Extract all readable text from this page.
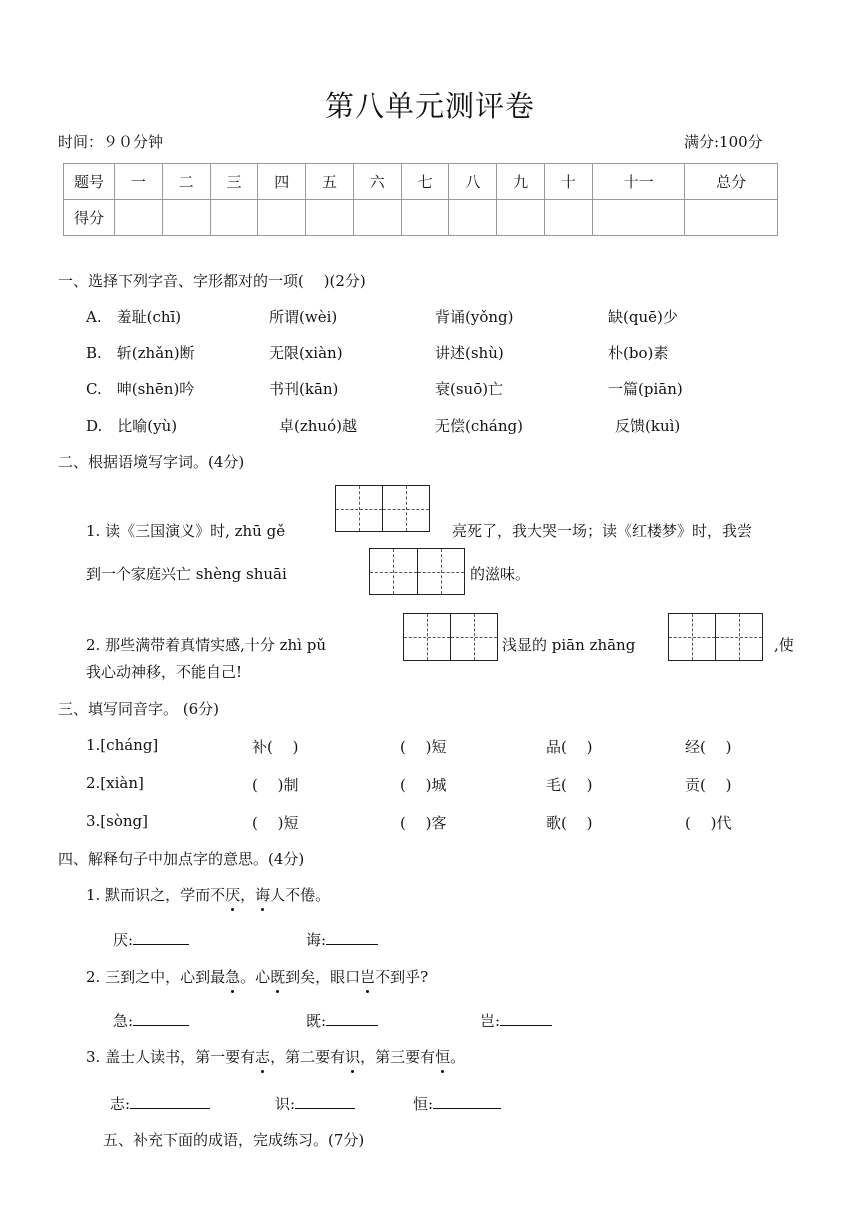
第八单元测评卷
时间：９０分钟	满分:100分
题号	一	二	三	四	五	六	七	八	九	十	十一	总分
得分												
一、选择下列字音、字形都对的一项(　 )(2分)
A.　羞耻(chī)	所谓(wèi)	背诵(yǒng)	缺(quē)少
B.　斩(zhǎn)断	无限(xiàn)	讲述(shù)	朴(bo)素
C.　呻(shēn)吟	书刊(kān)	衰(suō)亡	一篇(piān)
D.　比喻(yù)	卓(zhuó)越	无偿(cháng)	反馈(kuì)
二、根据语境写字词。(4分)
1. 读《三国演义》时, zhū gě	亮死了，我大哭一场；读《红楼梦》时，我尝
到一个家庭兴亡 shèng shuāi	的滋味。
2. 那些满带着真情实感,十分 zhì pǔ	浅显的 piān zhāng	,使
我心动神移，不能自己!
三、填写同音字。 (6分)
1.[cháng]	补(　 )	(　 )短	品(　 )	经(　 )
2.[xiàn]	(　 )制	(　 )城	毛(　 )	贡(　 )
3.[sòng]	(　 )短	(　 )客	歌(　 )	(　 )代
四、解释句子中加点字的意思。(4分)
1. 默而识之，学而不厌，诲人不倦。
厌:	诲:
2. 三到之中，心到最急。心既到矣，眼口岂不到乎?
急:	既:	岂:
3. 盖士人读书，第一要有志，第二要有识，第三要有恒。
志:	识:	恒:
五、补充下面的成语，完成练习。(7分)
